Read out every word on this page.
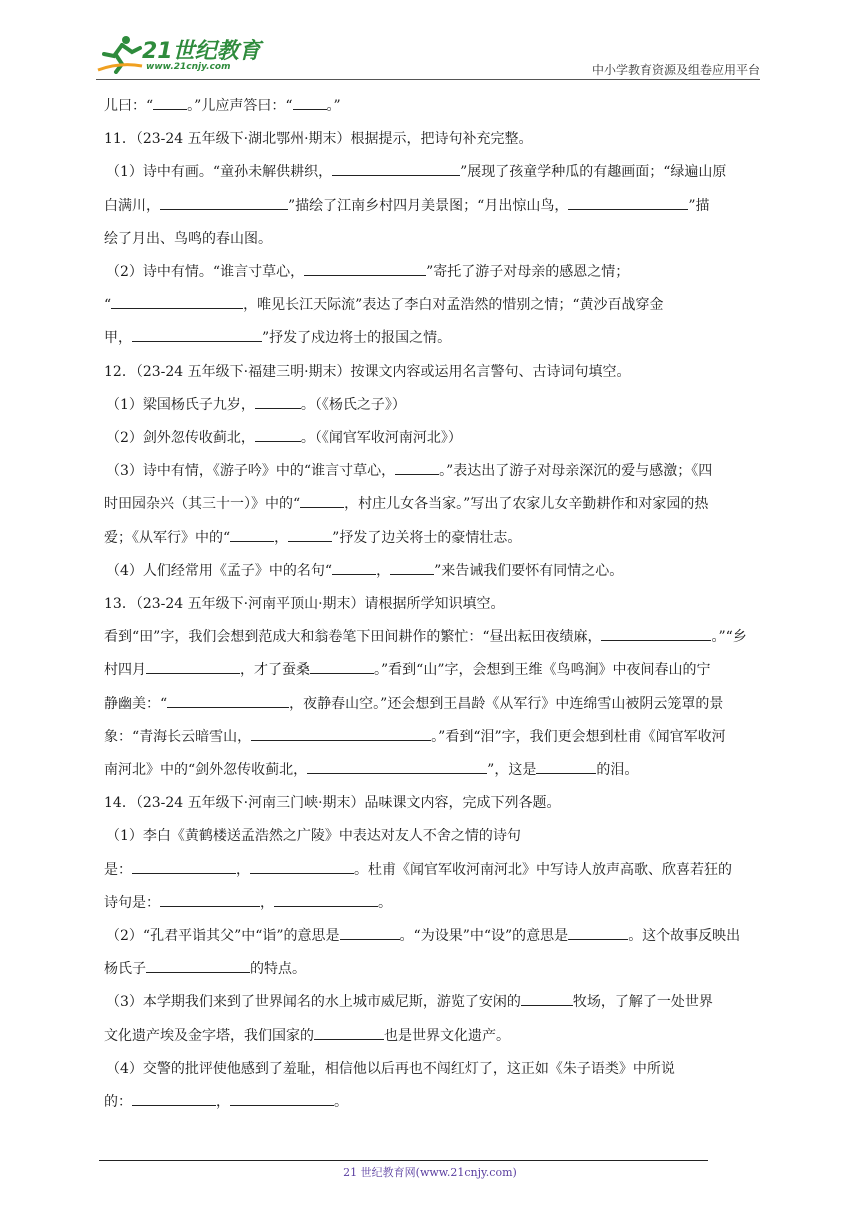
21世纪教育
www.21cnjy.com	中小学教育资源及组卷应用平台

儿曰：“ 。”儿应声答曰：“ 。”

11．（23-24 五年级下·湖北鄂州·期末）根据提示，把诗句补充完整。

（1）诗中有画。“童孙未解供耕织，	”展现了孩童学种瓜的有趣画面；“绿遍山原

白满川，	”描绘了江南乡村四月美景图；“月出惊山鸟，	”描

绘了月出、鸟鸣的春山图。

（2）诗中有情。“谁言寸草心，	”寄托了游子对母亲的感恩之情；

“	，唯见长江天际流”表达了李白对孟浩然的惜别之情；“黄沙百战穿金

甲，	”抒发了戍边将士的报国之情。

12．（23-24 五年级下·福建三明·期末）按课文内容或运用名言警句、古诗词句填空。

（1）梁国杨氏子九岁，	。（《杨氏之子》）

（2）剑外忽传收蓟北，	。（《闻官军收河南河北》）

（3）诗中有情，《游子吟》中的“谁言寸草心，	。”表达出了游子对母亲深沉的爱与感激；《四

时田园杂兴（其三十一）》中的“	，村庄儿女各当家。”写出了农家儿女辛勤耕作和对家园的热

爱；《从军行》中的“	，	”抒发了边关将士的豪情壮志。

（4）人们经常用《孟子》中的名句“	，	”来告诫我们要怀有同情之心。

13．（23-24 五年级下·河南平顶山·期末）请根据所学知识填空。

看到“田”字，我们会想到范成大和翁卷笔下田间耕作的繁忙：“昼出耘田夜绩麻，	。”“乡

村四月	，才了蚕桑	。”看到“山”字，会想到王维《鸟鸣涧》中夜间春山的宁

静幽美：“	，夜静春山空。”还会想到王昌龄《从军行》中连绵雪山被阴云笼罩的景

象：“青海长云暗雪山，	。”看到“泪”字，我们更会想到杜甫《闻官军收河

南河北》中的“剑外忽传收蓟北，	”，这是	的泪。

14．（23-24 五年级下·河南三门峡·期末）品味课文内容，完成下列各题。

（1）李白《黄鹤楼送孟浩然之广陵》中表达对友人不舍之情的诗句

是：	，	。杜甫《闻官军收河南河北》中写诗人放声高歌、欣喜若狂的

诗句是：	，	。

（2）“孔君平诣其父”中“诣”的意思是	。“为设果”中“设”的意思是	。这个故事反映出

杨氏子	的特点。

（3）本学期我们来到了世界闻名的水上城市威尼斯，游览了安闲的	牧场，了解了一处世界

文化遗产埃及金字塔，我们国家的	也是世界文化遗产。

（4）交警的批评使他感到了羞耻，相信他以后再也不闯红灯了，这正如《朱子语类》中所说

的：	，	。

21 世纪教育网(www.21cnjy.com)
